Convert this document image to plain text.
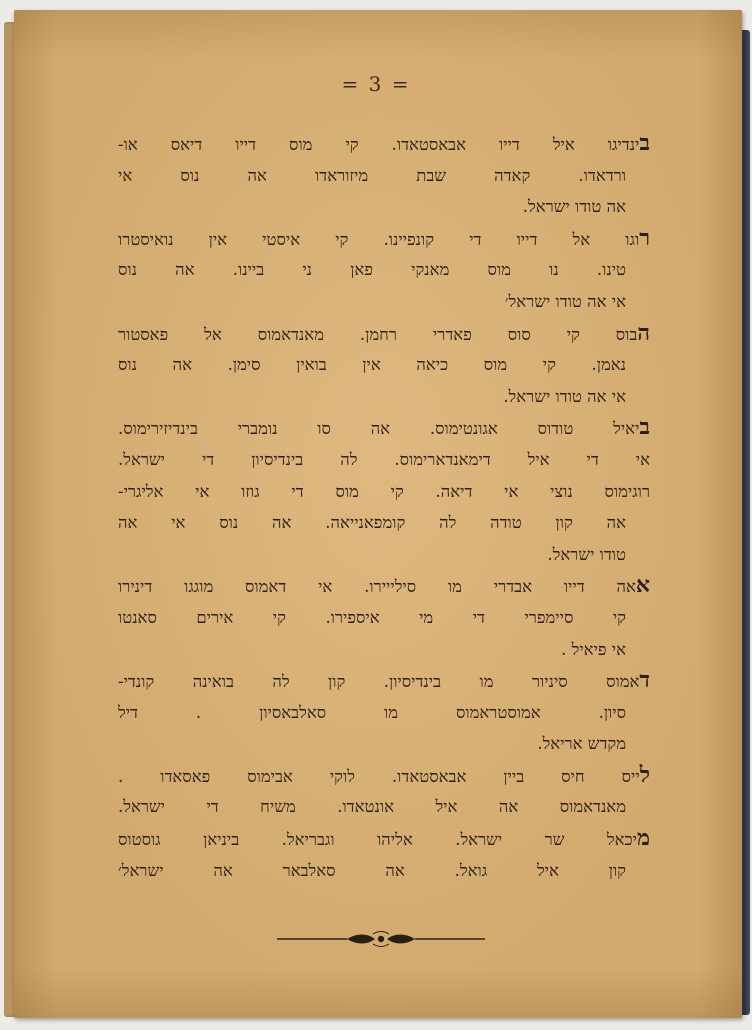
= 3 =
בינדיגו איל דייו אבאסטאדו. קי מוס דייו דיאס או-
ורדאדו. קאדה שבת מיזוראדו אה נוס אי
אה טודו ישראל.
רוגו אל דייו די קונפיינו. קי איסטי אין נואיסטרו
טינו. נו מוס מאנקי פאן ני ביינו. אה נוס
אי אה טודו ישראל׳
הבוס קי סוס פאדרי רחמן. מאנדאמוס אל פאסטור
נאמן. קי מוס כיאה אין בואין סימן. אה נוס
אי אה טודו ישראל.
ביאיל טודוס אגונטימוס. אה סו נומברי בינדיזירימוס.
אי די איל דימאנדארימוס. לה בינדיסיון די ישראל.
רוגימוס נוצי אי דיאה. קי מוס די גוזו אי אליגרי-
אה קון טודה לה קומפאנייאה. אה נוס אי אה
טודו ישראל.
אאה דייו אבדרי מו סילייירו. אי דאמוס מוגגו דינירו
קי סיימפרי די מי איספירו. קי אירים סאנטו
אי פיאיל .
דאמוס סיניור מו בינדיסיון. קון לה בואינה קונדי-
סיון. אמוסטראמוס מו סאלבאסיון . דיל
מקדש אריאל.
לייס חיס ביין אבאסטאדו. לוקי אבימוס פאסאדו .
מאנדאמוס אה איל אונטאדו. משיח די ישראל.
מיכאל שר ישראל. אליהו וגבריאל. ביניאן גוסטוס
קון איל גואל. אה סאלבאר אה ישראל׳
